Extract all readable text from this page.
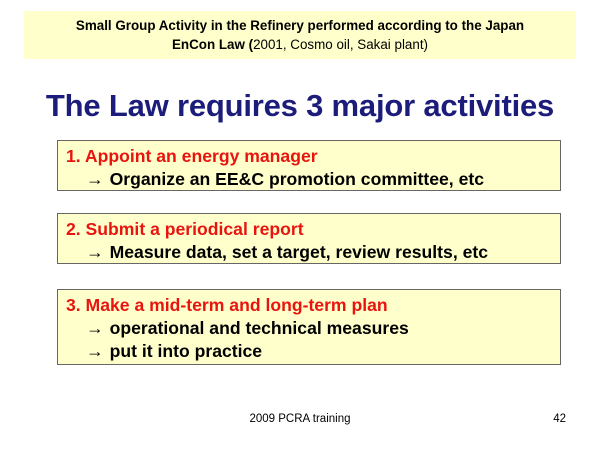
Small Group Activity in the Refinery performed according to the Japan
EnCon Law (2001, Cosmo oil, Sakai plant)
The Law requires 3 major activities
1. Appoint an energy manager
→ Organize an EE&C promotion committee, etc
2. Submit a periodical report
→ Measure data, set a target, review results, etc
3. Make a mid-term and long-term plan
→ operational and technical measures
→ put it into practice
2009 PCRA training	42
